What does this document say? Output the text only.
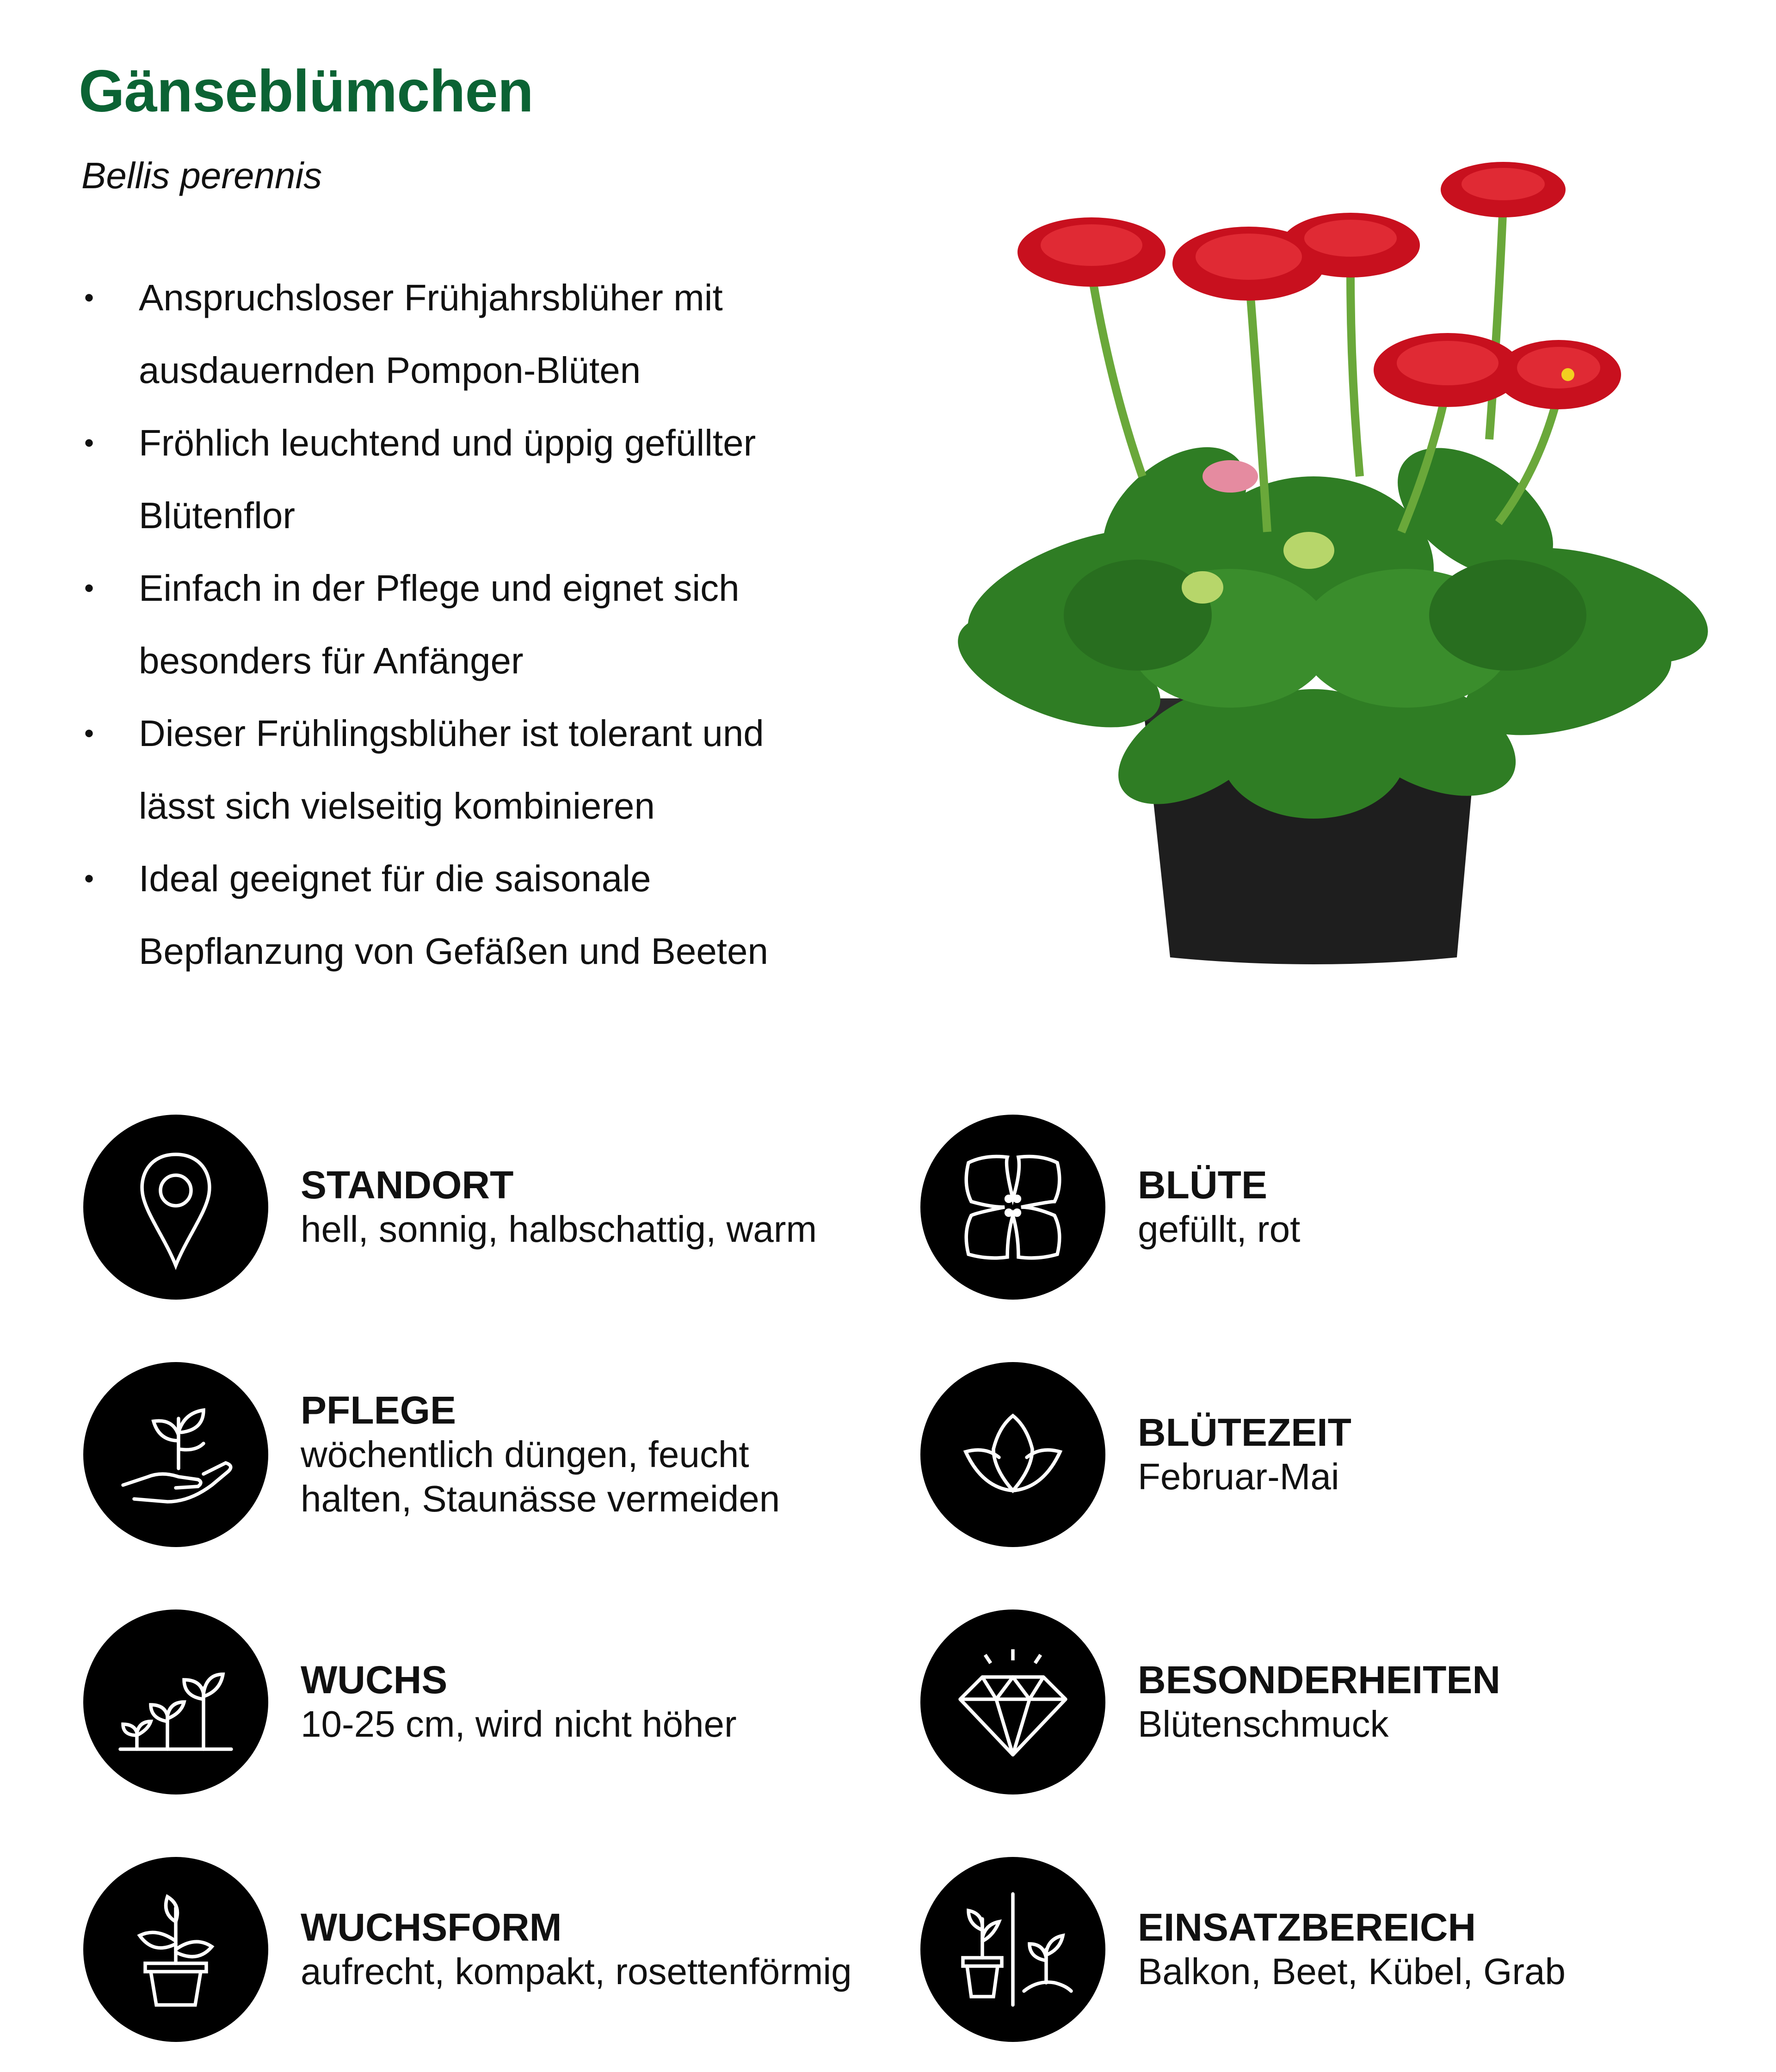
Gänseblümchen
Bellis perennis
• Anspruchsloser Frühjahrsblüher mit
ausdauernden Pompon-Blüten
• Fröhlich leuchtend und üppig gefüllter
Blütenflor
• Einfach in der Pflege und eignet sich
besonders für Anfänger
• Dieser Frühlingsblüher ist tolerant und
lässt sich vielseitig kombinieren
• Ideal geeignet für die saisonale
Bepflanzung von Gefäßen und Beeten
STANDORT
hell, sonnig, halbschattig, warm
PFLEGE
wöchentlich düngen, feucht
halten, Staunässe vermeiden
WUCHS
10-25 cm, wird nicht höher
WUCHSFORM
aufrecht, kompakt, rosettenförmig
BLÜTE
gefüllt, rot
BLÜTEZEIT
Februar-Mai
BESONDERHEITEN
Blütenschmuck
EINSATZBEREICH
Balkon, Beet, Kübel, Grab
